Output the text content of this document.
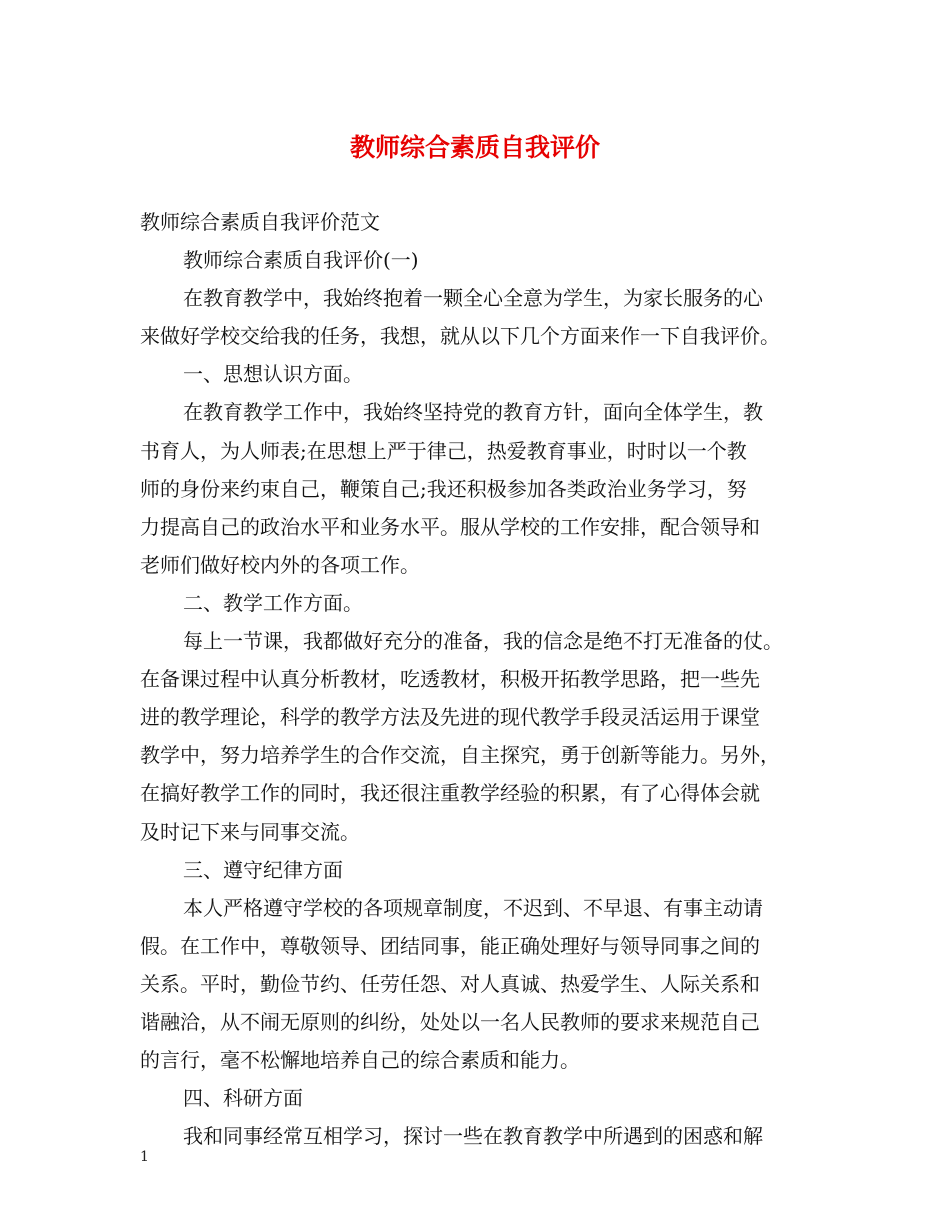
教师综合素质自我评价

教师综合素质自我评价范文

教师综合素质自我评价(一)

在教育教学中，我始终抱着一颗全心全意为学生，为家长服务的心

来做好学校交给我的任务，我想，就从以下几个方面来作一下自我评价。

一、思想认识方面。

在教育教学工作中，我始终坚持党的教育方针，面向全体学生，教

书育人，为人师表;在思想上严于律己，热爱教育事业，时时以一个教

师的身份来约束自己，鞭策自己;我还积极参加各类政治业务学习，努

力提高自己的政治水平和业务水平。服从学校的工作安排，配合领导和

老师们做好校内外的各项工作。

二、教学工作方面。

每上一节课，我都做好充分的准备，我的信念是绝不打无准备的仗。

在备课过程中认真分析教材，吃透教材，积极开拓教学思路，把一些先

进的教学理论，科学的教学方法及先进的现代教学手段灵活运用于课堂

教学中，努力培养学生的合作交流，自主探究，勇于创新等能力。另外，

在搞好教学工作的同时，我还很注重教学经验的积累，有了心得体会就

及时记下来与同事交流。

三、遵守纪律方面

本人严格遵守学校的各项规章制度，不迟到、不早退、有事主动请

假。在工作中，尊敬领导、团结同事，能正确处理好与领导同事之间的

关系。平时，勤俭节约、任劳任怨、对人真诚、热爱学生、人际关系和

谐融洽，从不闹无原则的纠纷，处处以一名人民教师的要求来规范自己

的言行，毫不松懈地培养自己的综合素质和能力。

四、科研方面

我和同事经常互相学习，探讨一些在教育教学中所遇到的困惑和解

1
